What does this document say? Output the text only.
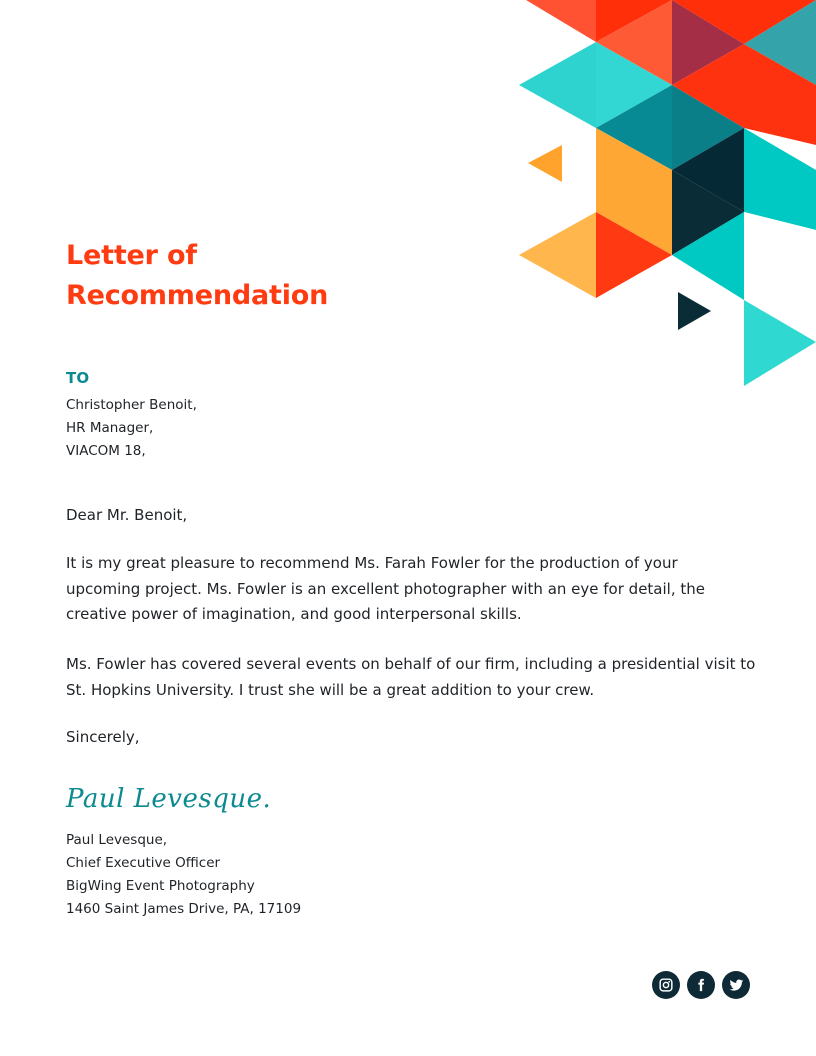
Letter of
Recommendation

TO

Christopher Benoit,
HR Manager,
VIACOM 18,

Dear Mr. Benoit,

It is my great pleasure to recommend Ms. Farah Fowler for the production of your upcoming project. Ms. Fowler is an excellent photographer with an eye for detail, the creative power of imagination, and good interpersonal skills.

Ms. Fowler has covered several events on behalf of our firm, including a presidential visit to St. Hopkins University. I trust she will be a great addition to your crew.

Sincerely,

Paul Levesque.

Paul Levesque,
Chief Executive Officer
BigWing Event Photography
1460 Saint James Drive, PA, 17109
